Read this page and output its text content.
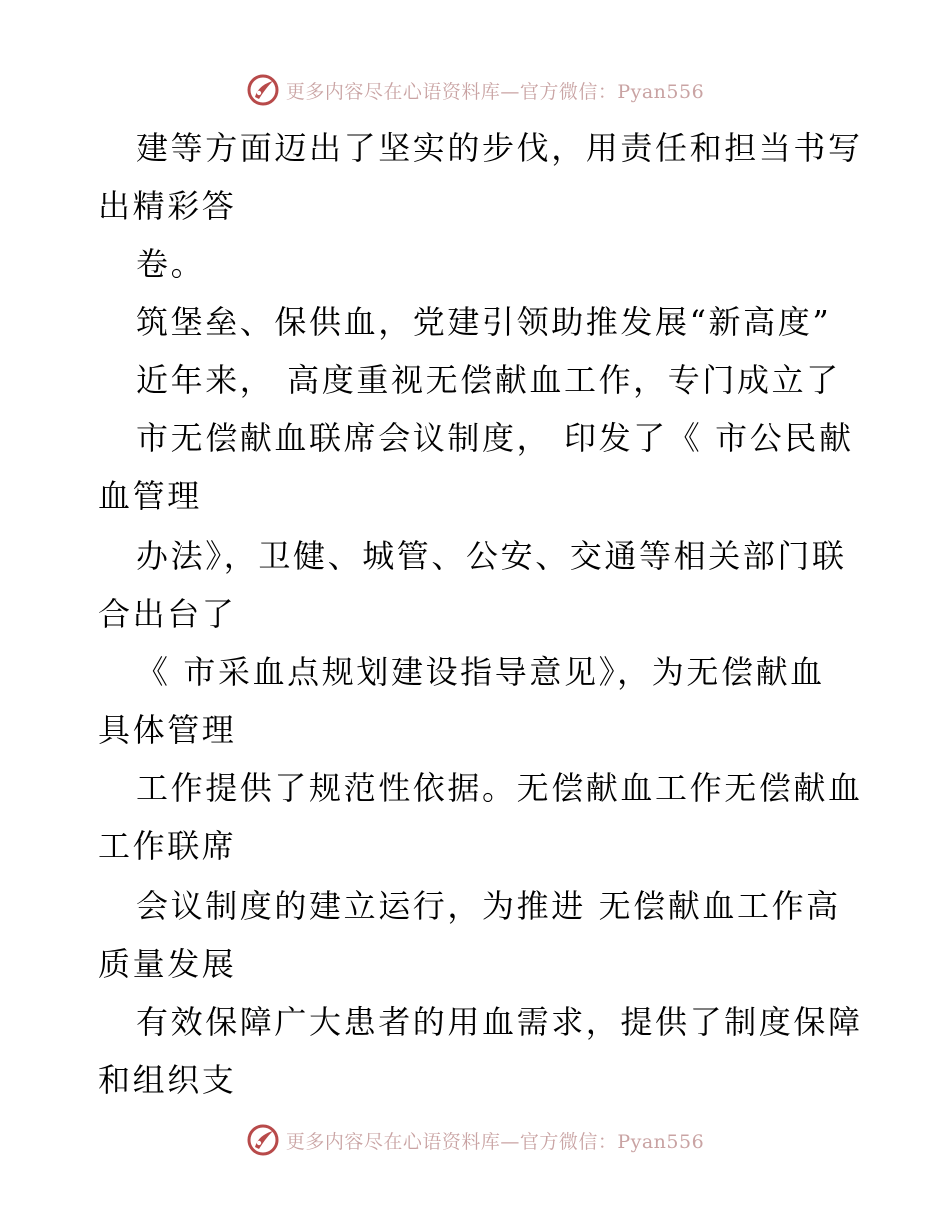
更多内容尽在心语资料库—官方微信：Pyan556
建等方面迈出了坚实的步伐，用责任和担当书写
出精彩答
卷。
筑堡垒、保供血，党建引领助推发展“新高度”
近年来， 高度重视无偿献血工作，专门成立了
市无偿献血联席会议制度， 印发了《 市公民献
血管理
办法》，卫健、城管、公安、交通等相关部门联
合出台了
《 市采血点规划建设指导意见》，为无偿献血
具体管理
工作提供了规范性依据。无偿献血工作无偿献血
工作联席
会议制度的建立运行，为推进 无偿献血工作高
质量发展
有效保障广大患者的用血需求，提供了制度保障
和组织支
更多内容尽在心语资料库—官方微信：Pyan556
